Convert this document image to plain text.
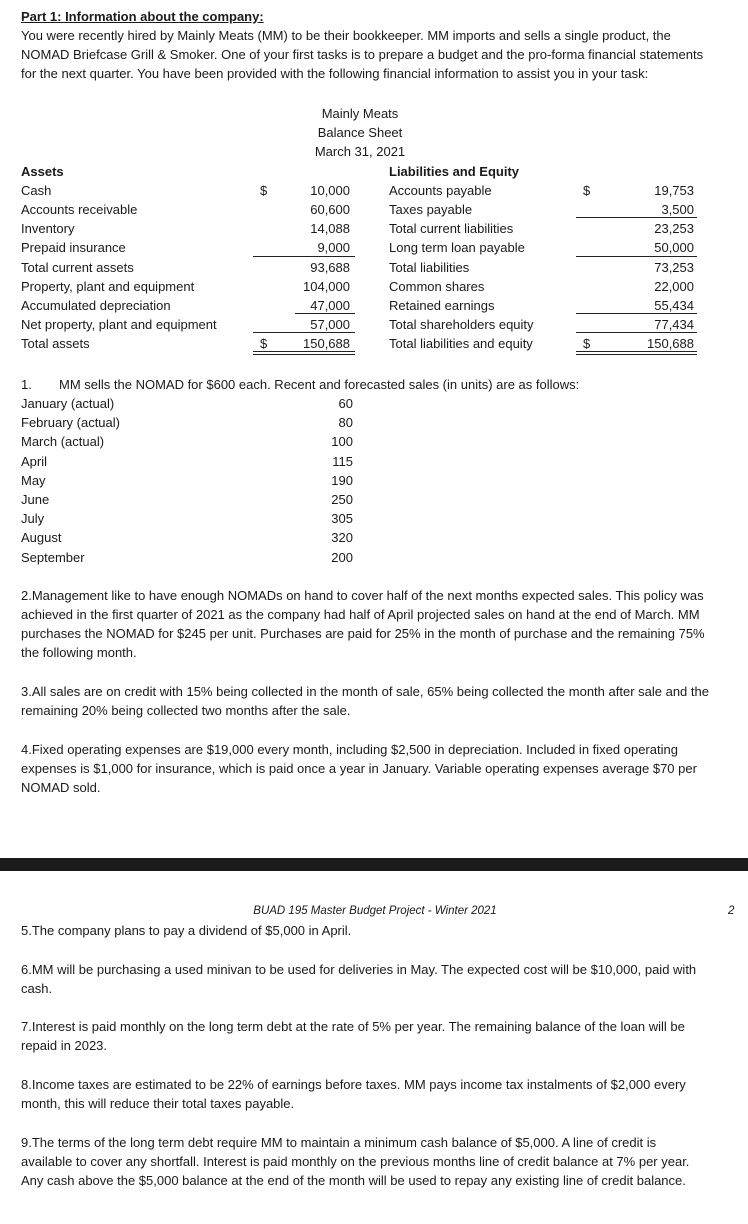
Part 1: Information about the company:
You were recently hired by Mainly Meats (MM) to be their bookkeeper. MM imports and sells a single product, the NOMAD Briefcase Grill & Smoker. One of your first tasks is to prepare a budget and the pro-forma financial statements for the next quarter. You have been provided with the following financial information to assist you in your task:
Mainly Meats
Balance Sheet
March 31, 2021
Assets	Liabilities and Equity
Cash
Accounts receivable
Inventory
Prepaid insurance
Total current assets
Property, plant and equipment
Accumulated depreciation
Net property, plant and equipment
Total assets
$
$
10,000
60,600
14,088
9,000
93,688
104,000
47,000
57,000
150,688
Accounts payable
Taxes payable
Total current liabilities
Long term loan payable
Total liabilities
Common shares
Retained earnings
Total shareholders equity
Total liabilities and equity
$
$
19,753
3,500
23,253
50,000
73,253
22,000
55,434
77,434
150,688
1. MM sells the NOMAD for $600 each. Recent and forecasted sales (in units) are as follows:
January (actual)
February (actual)
March (actual)
April
May
June
July
August
September
60
80
100
115
190
250
305
320
200
2.Management like to have enough NOMADs on hand to cover half of the next months expected sales. This policy was achieved in the first quarter of 2021 as the company had half of April projected sales on hand at the end of March. MM purchases the NOMAD for $245 per unit. Purchases are paid for 25% in the month of purchase and the remaining 75% the following month.
3.All sales are on credit with 15% being collected in the month of sale, 65% being collected the month after sale and the remaining 20% being collected two months after the sale.
4.Fixed operating expenses are $19,000 every month, including $2,500 in depreciation. Included in fixed operating expenses is $1,000 for insurance, which is paid once a year in January. Variable operating expenses average $70 per NOMAD sold.
BUAD 195 Master Budget Project - Winter 2021	2
5.The company plans to pay a dividend of $5,000 in April.
6.MM will be purchasing a used minivan to be used for deliveries in May. The expected cost will be $10,000, paid with cash.
7.Interest is paid monthly on the long term debt at the rate of 5% per year. The remaining balance of the loan will be repaid in 2023.
8.Income taxes are estimated to be 22% of earnings before taxes. MM pays income tax instalments of $2,000 every month, this will reduce their total taxes payable.
9.The terms of the long term debt require MM to maintain a minimum cash balance of $5,000. A line of credit is available to cover any shortfall. Interest is paid monthly on the previous months line of credit balance at 7% per year. Any cash above the $5,000 balance at the end of the month will be used to repay any existing line of credit balance.
